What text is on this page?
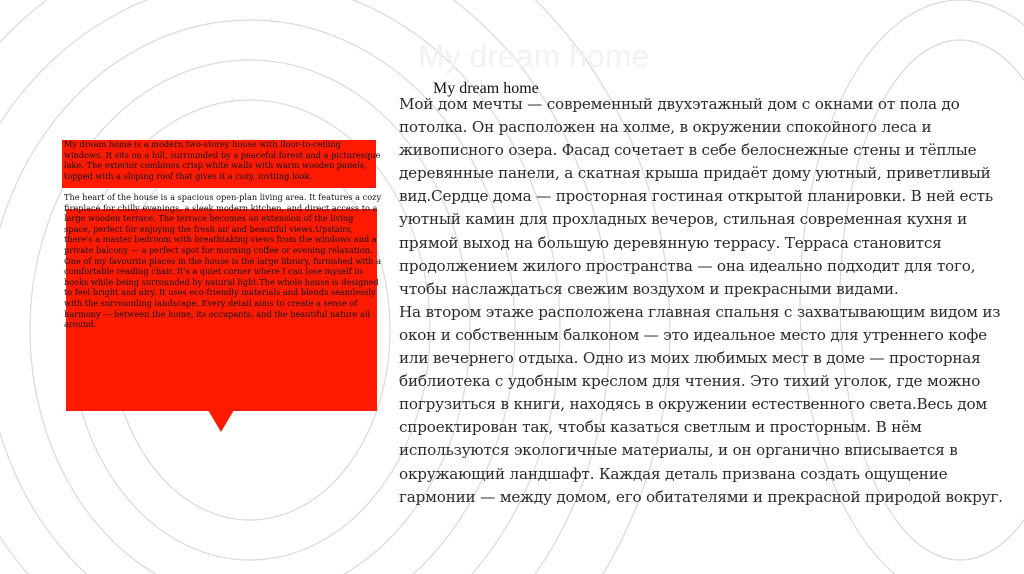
My dream home
My dream home

My dream home is a modern two-storey house with floor-to-ceiling windows. It sits on a hill, surrounded by a peaceful forest and a picturesque lake. The exterior combines crisp white walls with warm wooden panels, topped with a sloping roof that gives it a cozy, inviting look.

The heart of the house is a spacious open-plan living area. It features a cozy fireplace for chilly evenings, a sleek modern kitchen, and direct access to a large wooden terrace. The terrace becomes an extension of the living space, perfect for enjoying the fresh air and beautiful views.Upstairs, there's a master bedroom with breathtaking views from the windows and a private balcony — a perfect spot for morning coffee or evening relaxation. One of my favourite places in the house is the large library, furnished with a comfortable reading chair. It's a quiet corner where I can lose myself in books while being surrounded by natural light.The whole house is designed to feel bright and airy. It uses eco-friendly materials and blends seamlessly with the surrounding landscape. Every detail aims to create a sense of harmony — between the home, its occupants, and the beautiful nature all around.

Мой дом мечты — современный двухэтажный дом с окнами от пола до потолка. Он расположен на холме, в окружении спокойного леса и живописного озера. Фасад сочетает в себе белоснежные стены и тёплые деревянные панели, а скатная крыша придаёт дому уютный, приветливый вид.Сердце дома — просторная гостиная открытой планировки. В ней есть уютный камин для прохладных вечеров, стильная современная кухня и прямой выход на большую деревянную террасу. Терраса становится продолжением жилого пространства — она идеально подходит для того, чтобы наслаждаться свежим воздухом и прекрасными видами.

На втором этаже расположена главная спальня с захватывающим видом из окон и собственным балконом — это идеальное место для утреннего кофе или вечернего отдыха. Одно из моих любимых мест в доме — просторная библиотека с удобным креслом для чтения. Это тихий уголок, где можно погрузиться в книги, находясь в окружении естественного света.Весь дом спроектирован так, чтобы казаться светлым и просторным. В нём используются экологичные материалы, и он органично вписывается в окружающий ландшафт. Каждая деталь призвана создать ощущение гармонии — между домом, его обитателями и прекрасной природой вокруг.
